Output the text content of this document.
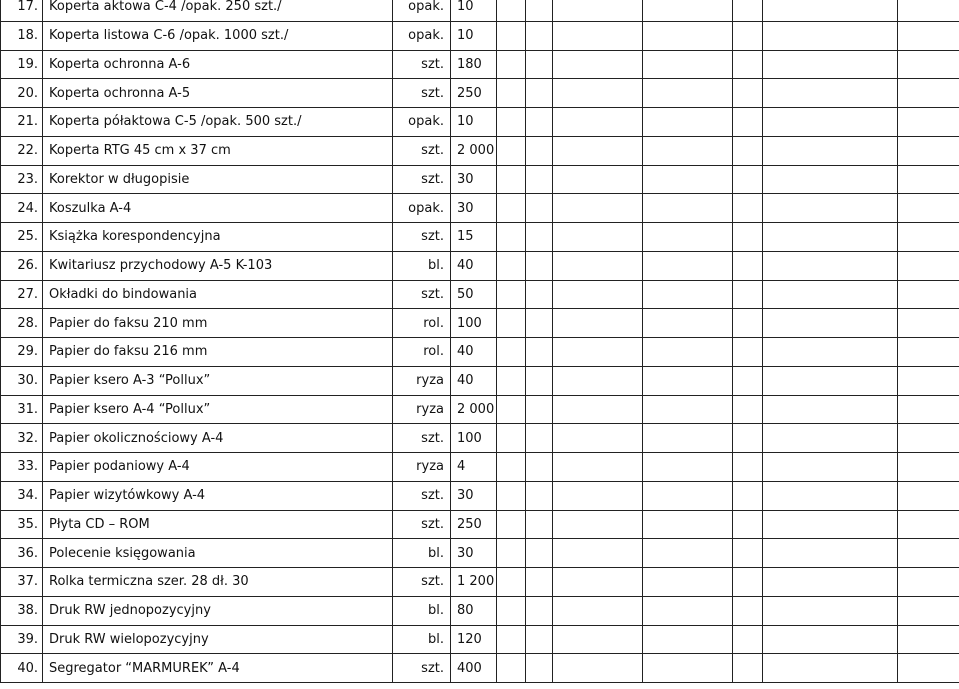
17.	Koperta aktowa C-4 /opak. 250 szt./	opak.	10							
18.	Koperta listowa C-6 /opak. 1000 szt./	opak.	10							
19.	Koperta ochronna A-6	szt.	180							
20.	Koperta ochronna A-5	szt.	250							
21.	Koperta półaktowa C-5 /opak. 500 szt./	opak.	10							
22.	Koperta RTG 45 cm x 37 cm	szt.	2 000							
23.	Korektor w długopisie	szt.	30							
24.	Koszulka A-4	opak.	30							
25.	Książka korespondencyjna	szt.	15							
26.	Kwitariusz przychodowy A-5 K-103	bl.	40							
27.	Okładki do bindowania	szt.	50							
28.	Papier do faksu 210 mm	rol.	100							
29.	Papier do faksu 216 mm	rol.	40							
30.	Papier ksero A-3 “Pollux”	ryza	40							
31.	Papier ksero A-4 “Pollux”	ryza	2 000							
32.	Papier okolicznościowy A-4	szt.	100							
33.	Papier podaniowy A-4	ryza	4							
34.	Papier wizytówkowy A-4	szt.	30							
35.	Płyta CD – ROM	szt.	250							
36.	Polecenie księgowania	bl.	30							
37.	Rolka termiczna szer. 28 dł. 30	szt.	1 200							
38.	Druk RW jednopozycyjny	bl.	80							
39.	Druk RW wielopozycyjny	bl.	120							
40.	Segregator “MARMUREK” A-4	szt.	400							
